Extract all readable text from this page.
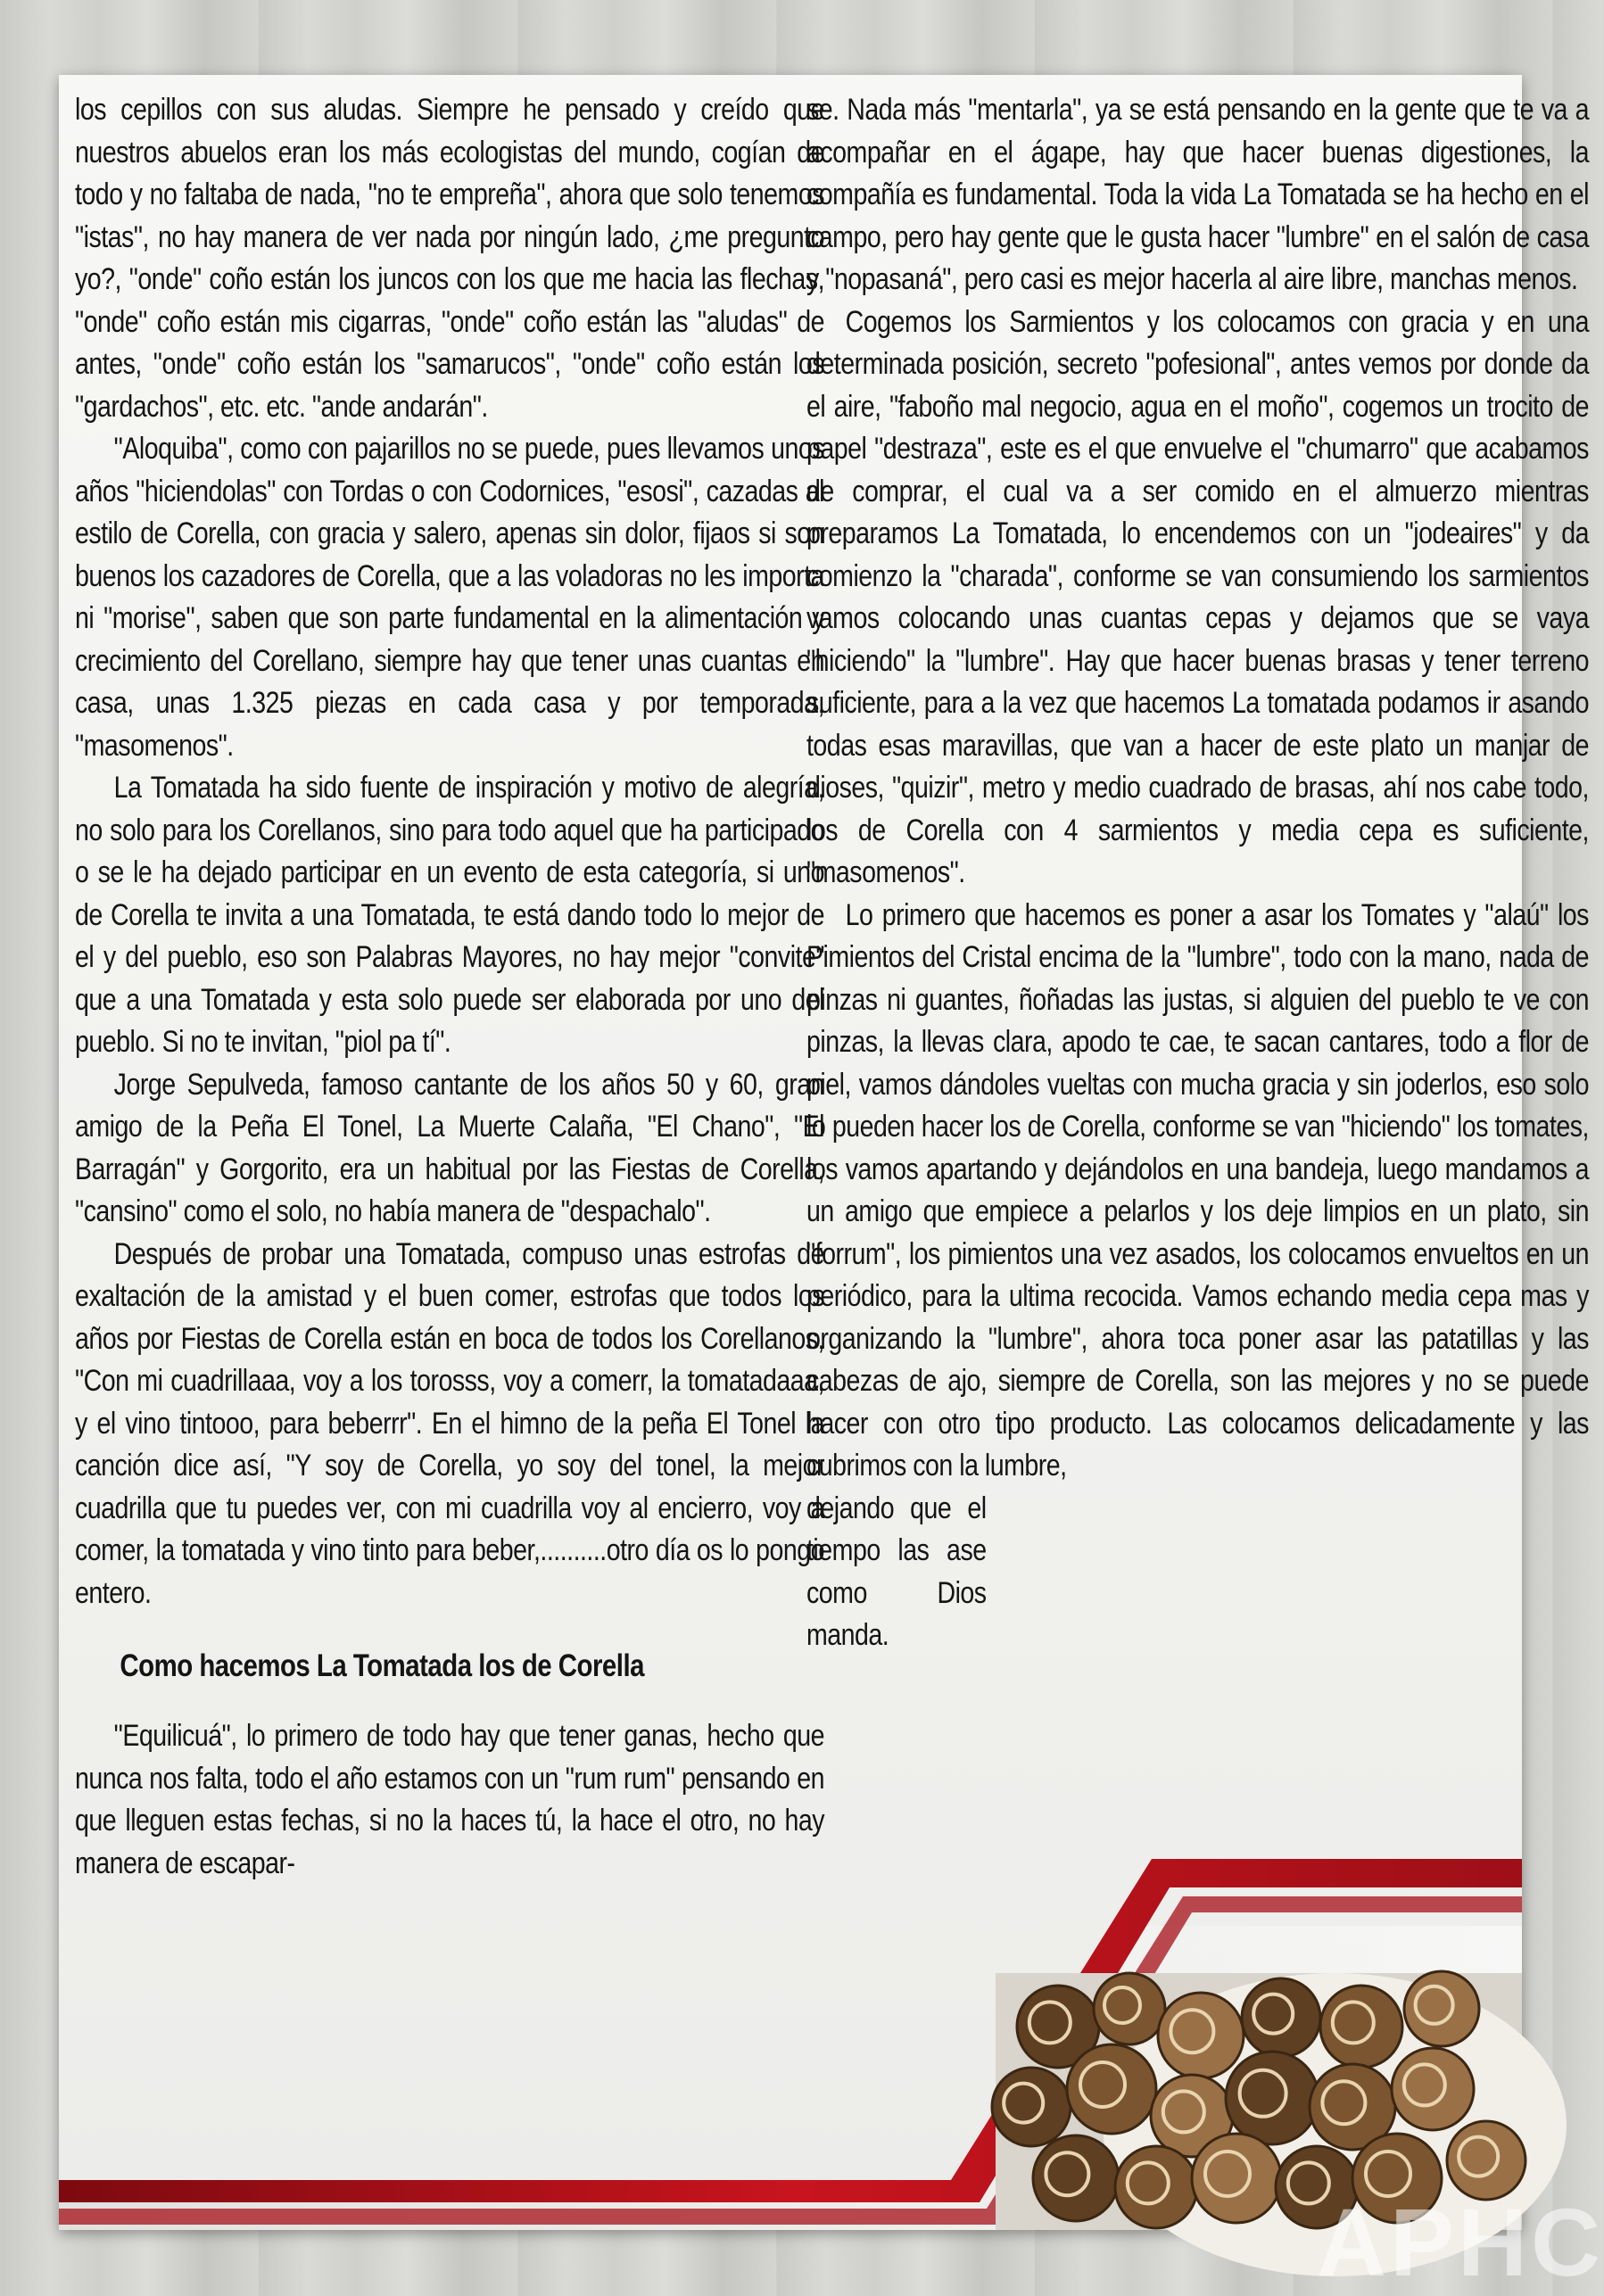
los cepillos con sus aludas. Siempre he pensado y creído que nuestros abuelos eran los más ecologistas del mundo, cogían de todo y no faltaba de nada, "no te empreña", ahora que solo tenemos "istas", no hay manera de ver nada por ningún lado, ¿me pregunto yo?, "onde" coño están los juncos con los que me hacia las flechas, "onde" coño están mis cigarras, "onde" coño están las "aludas" de antes, "onde" coño están los "samarucos", "onde" coño están los "gardachos", etc. etc. "ande andarán".

"Aloquiba", como con pajarillos no se puede, pues llevamos unos años "hiciendolas" con Tordas o con Codornices, "esosi", cazadas al estilo de Corella, con gracia y salero, apenas sin dolor, fijaos si son buenos los cazadores de Corella, que a las voladoras no les importa ni "morise", saben que son parte fundamental en la alimentación y crecimiento del Corellano, siempre hay que tener unas cuantas en casa, unas 1.325 piezas en cada casa y por temporada, "masomenos".

La Tomatada ha sido fuente de inspiración y motivo de alegría, no solo para los Corellanos, sino para todo aquel que ha participado o se le ha dejado participar en un evento de esta categoría, si uno de Corella te invita a una Tomatada, te está dando todo lo mejor de el y del pueblo, eso son Palabras Mayores, no hay mejor "convite" que a una Tomatada y esta solo puede ser elaborada por uno del pueblo. Si no te invitan, "piol pa tí".

Jorge Sepulveda, famoso cantante de los años 50 y 60, gran amigo de la Peña El Tonel, La Muerte Calaña, "El Chano", "El Barragán" y Gorgorito, era un habitual por las Fiestas de Corella, "cansino" como el solo, no había manera de "despachalo".

Después de probar una Tomatada, compuso unas estrofas de exaltación de la amistad y el buen comer, estrofas que todos los años por Fiestas de Corella están en boca de todos los Corellanos, "Con mi cuadrillaaa, voy a los torosss, voy a comerr, la tomatadaaa, y el vino tintooo, para beberrr". En el himno de la peña El Tonel la canción dice así, "Y soy de Corella, yo soy del tonel, la mejor cuadrilla que tu puedes ver, con mi cuadrilla voy al encierro, voy a comer, la tomatada y vino tinto para beber,..........otro día os lo pongo entero.

Como hacemos La Tomatada los de Corella

"Equilicuá", lo primero de todo hay que tener ganas, hecho que nunca nos falta, todo el año estamos con un "rum rum" pensando en que lleguen estas fechas, si no la haces tú, la hace el otro, no hay manera de escapar-

se. Nada más "mentarla", ya se está pensando en la gente que te va a acompañar en el ágape, hay que hacer buenas digestiones, la compañía es fundamental. Toda la vida La Tomatada se ha hecho en el campo, pero hay gente que le gusta hacer "lumbre" en el salón de casa y "nopasaná", pero casi es mejor hacerla al aire libre, manchas menos.

Cogemos los Sarmientos y los colocamos con gracia y en una determinada posición, secreto "pofesional", antes vemos por donde da el aire, "faboño mal negocio, agua en el moño", cogemos un trocito de papel "destraza", este es el que envuelve el "chumarro" que acabamos de comprar, el cual va a ser comido en el almuerzo mientras preparamos La Tomatada, lo encendemos con un "jodeaires" y da comienzo la "charada", conforme se van consumiendo los sarmientos vamos colocando unas cuantas cepas y dejamos que se vaya "hiciendo" la "lumbre". Hay que hacer buenas brasas y tener terreno suficiente, para a la vez que hacemos La tomatada podamos ir asando todas esas maravillas, que van a hacer de este plato un manjar de dioses, "quizir", metro y medio cuadrado de brasas, ahí nos cabe todo, los de Corella con 4 sarmientos y media cepa es suficiente, "masomenos".

Lo primero que hacemos es poner a asar los Tomates y "alaú" los Pimientos del Cristal encima de la "lumbre", todo con la mano, nada de pinzas ni guantes, ñoñadas las justas, si alguien del pueblo te ve con pinzas, la llevas clara, apodo te cae, te sacan cantares, todo a flor de piel, vamos dándoles vueltas con mucha gracia y sin joderlos, eso solo lo pueden hacer los de Corella, conforme se van "hiciendo" los tomates, los vamos apartando y dejándolos en una bandeja, luego mandamos a un amigo que empiece a pelarlos y los deje limpios en un plato, sin "forrum", los pimientos una vez asados, los colocamos envueltos en un periódico, para la ultima recocida. Vamos echando media cepa mas y organizando la "lumbre", ahora toca poner asar las patatillas y las cabezas de ajo, siempre de Corella, son las mejores y no se puede hacer con otro tipo producto. Las colocamos delicadamente y las cubrimos con la lumbre,

dejando que el tiempo las ase como Dios manda.

APHC
